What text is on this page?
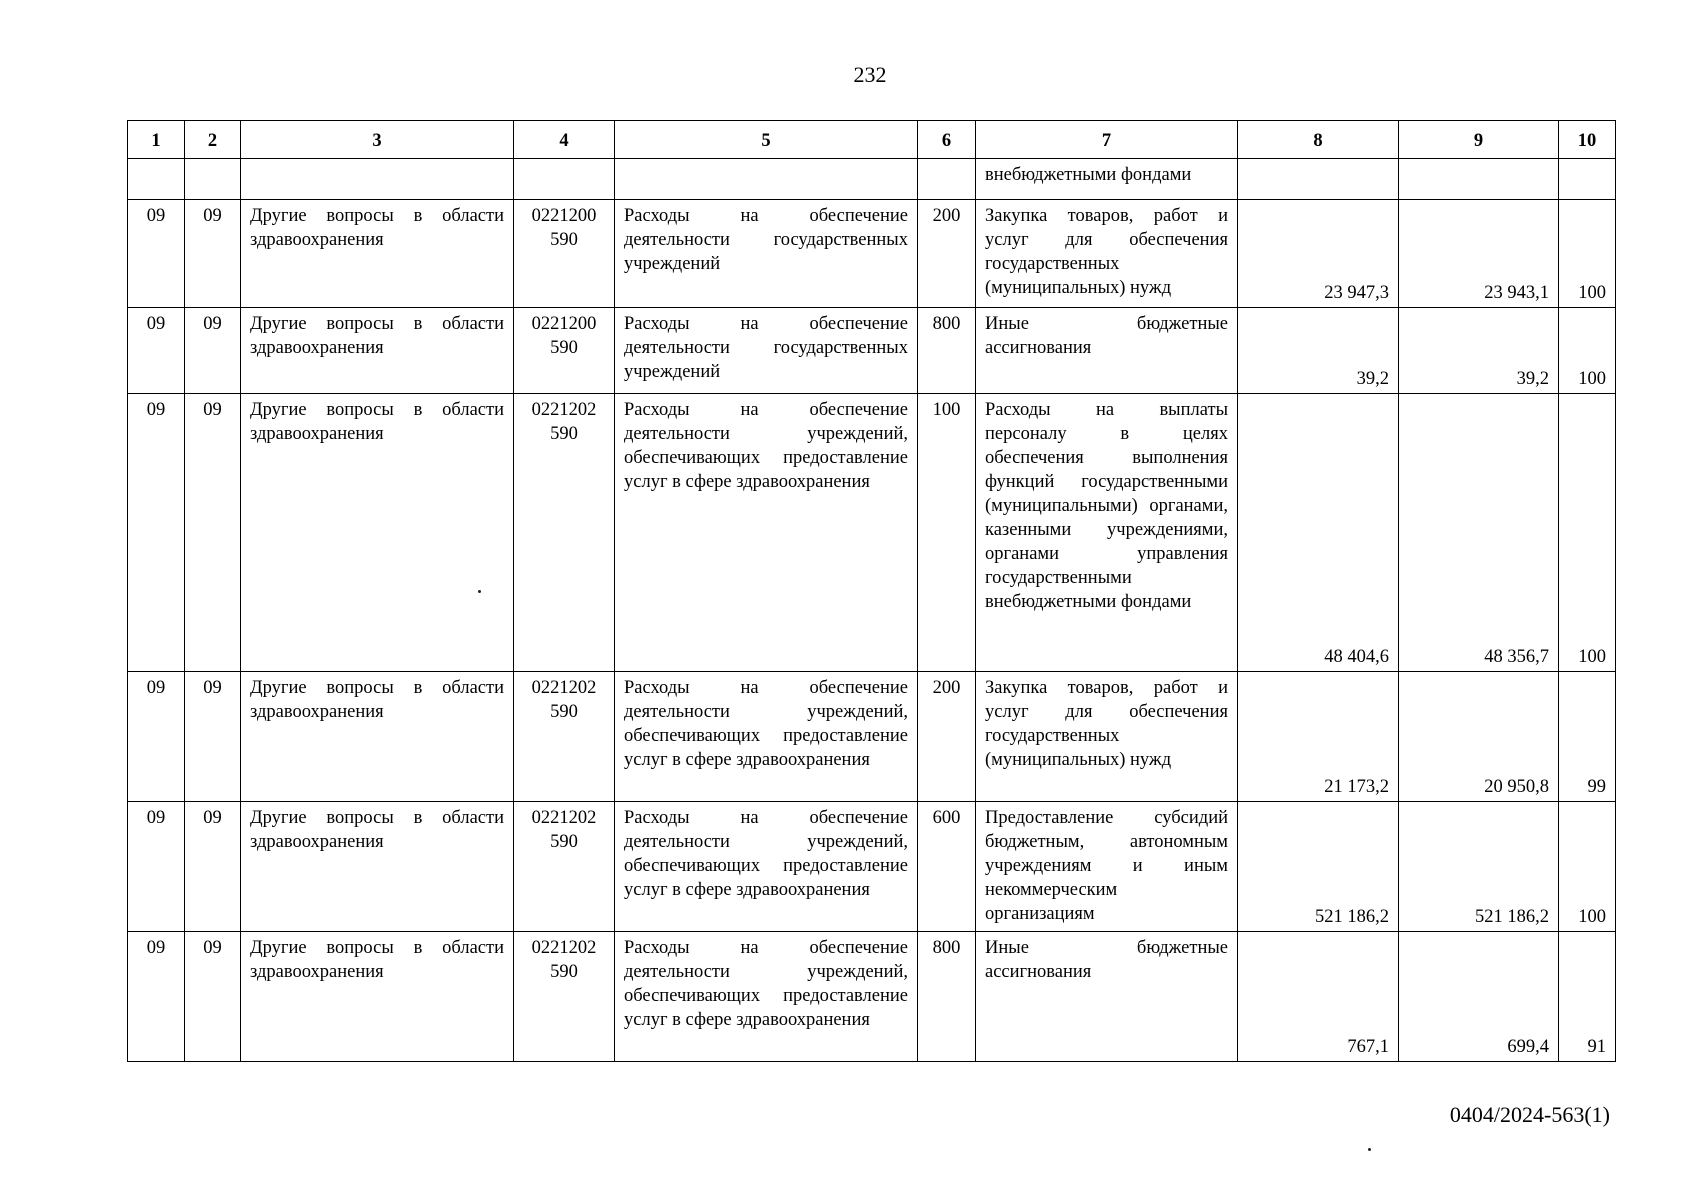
232
1	2	3	4	5	6	7	8	9	10
						внебюджетными фондами			
09	09	Другие вопросы в области здравоохранения	0221200 590	Расходы на обеспечение деятельности государственных учреждений	200	Закупка товаров, работ и услуг для обеспечения государственных (муниципальных) нужд	23 947,3	23 943,1	100
09	09	Другие вопросы в области здравоохранения	0221200 590	Расходы на обеспечение деятельности государственных учреждений	800	Иные бюджетные ассигнования	39,2	39,2	100
09	09	Другие вопросы в области здравоохранения	0221202 590	Расходы на обеспечение деятельности учреждений, обеспечивающих предоставление услуг в сфере здравоохранения	100	Расходы на выплаты персоналу в целях обеспечения выполнения функций государственными (муниципальными) органами, казенными учреждениями, органами управления государственными внебюджетными фондами	48 404,6	48 356,7	100
09	09	Другие вопросы в области здравоохранения	0221202 590	Расходы на обеспечение деятельности учреждений, обеспечивающих предоставление услуг в сфере здравоохранения	200	Закупка товаров, работ и услуг для обеспечения государственных (муниципальных) нужд	21 173,2	20 950,8	99
09	09	Другие вопросы в области здравоохранения	0221202 590	Расходы на обеспечение деятельности учреждений, обеспечивающих предоставление услуг в сфере здравоохранения	600	Предоставление субсидий бюджетным, автономным учреждениям и иным некоммерческим организациям	521 186,2	521 186,2	100
09	09	Другие вопросы в области здравоохранения	0221202 590	Расходы на обеспечение деятельности учреждений, обеспечивающих предоставление услуг в сфере здравоохранения	800	Иные бюджетные ассигнования	767,1	699,4	91
0404/2024-563(1)
